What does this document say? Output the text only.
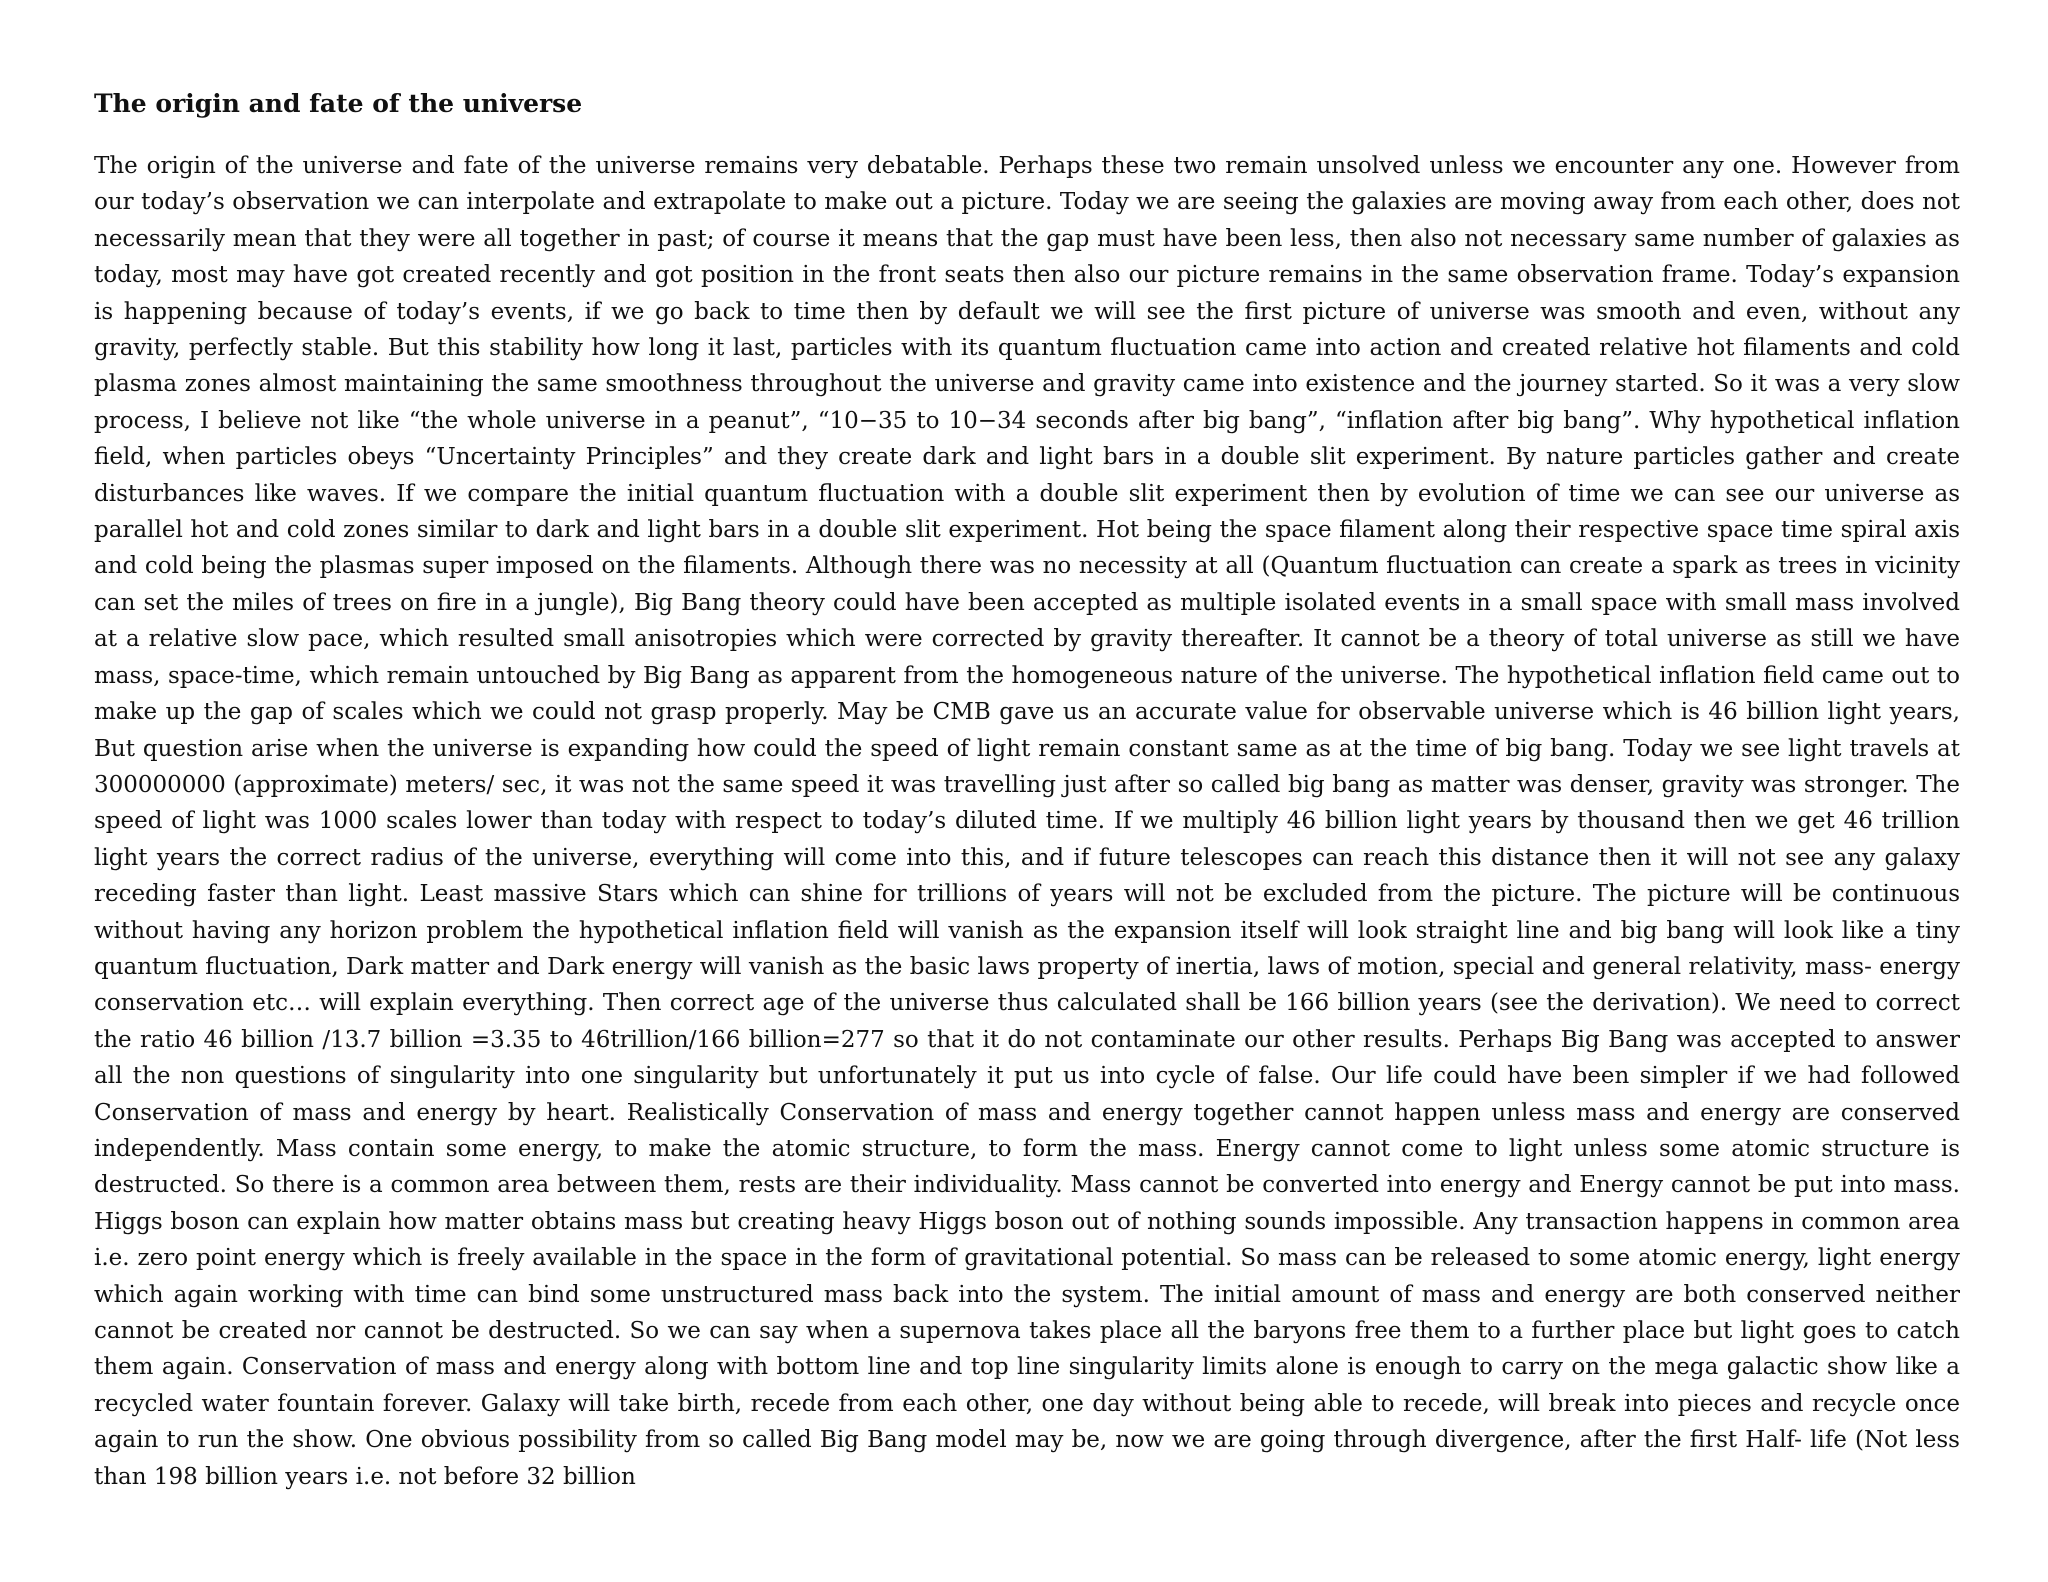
The origin and fate of the universe

The origin of the universe and fate of the universe remains very debatable. Perhaps these two remain unsolved unless we encounter any one. However from our today’s observation we can interpolate and extrapolate to make out a picture. Today we are seeing the galaxies are moving away from each other, does not necessarily mean that they were all together in past; of course it means that the gap must have been less, then also not necessary same number of galaxies as today, most may have got created recently and got position in the front seats then also our picture remains in the same observation frame. Today’s expansion is happening because of today’s events, if we go back to time then by default we will see the first picture of universe was smooth and even, without any gravity, perfectly stable. But this stability how long it last, particles with its quantum fluctuation came into action and created relative hot filaments and cold plasma zones almost maintaining the same smoothness throughout the universe and gravity came into existence and the journey started. So it was a very slow process, I believe not like “the whole universe in a peanut”, “10−35 to 10−34 seconds after big bang”, “inflation after big bang”. Why hypothetical inflation field, when particles obeys “Uncertainty Principles” and they create dark and light bars in a double slit experiment. By nature particles gather and create disturbances like waves. If we compare the initial quantum fluctuation with a double slit experiment then by evolution of time we can see our universe as parallel hot and cold zones similar to dark and light bars in a double slit experiment. Hot being the space filament along their respective space time spiral axis and cold being the plasmas super imposed on the filaments. Although there was no necessity at all (Quantum fluctuation can create a spark as trees in vicinity can set the miles of trees on fire in a jungle), Big Bang theory could have been accepted as multiple isolated events in a small space with small mass involved at a relative slow pace, which resulted small anisotropies which were corrected by gravity thereafter. It cannot be a theory of total universe as still we have mass, space-time, which remain untouched by Big Bang as apparent from the homogeneous nature of the universe. The hypothetical inflation field came out to make up the gap of scales which we could not grasp properly. May be CMB gave us an accurate value for observable universe which is 46 billion light years, But question arise when the universe is expanding how could the speed of light remain constant same as at the time of big bang. Today we see light travels at 300000000 (approximate) meters/ sec, it was not the same speed it was travelling just after so called big bang as matter was denser, gravity was stronger. The speed of light was 1000 scales lower than today with respect to today’s diluted time. If we multiply 46 billion light years by thousand then we get 46 trillion light years the correct radius of the universe, everything will come into this, and if future telescopes can reach this distance then it will not see any galaxy receding faster than light. Least massive Stars which can shine for trillions of years will not be excluded from the picture. The picture will be continuous without having any horizon problem the hypothetical inflation field will vanish as the expansion itself will look straight line and big bang will look like a tiny quantum fluctuation, Dark matter and Dark energy will vanish as the basic laws property of inertia, laws of motion, special and general relativity, mass- energy conservation etc… will explain everything. Then correct age of the universe thus calculated shall be 166 billion years (see the derivation). We need to correct the ratio 46 billion /13.7 billion =3.35 to 46trillion/166 billion=277 so that it do not contaminate our other results. Perhaps Big Bang was accepted to answer all the non questions of singularity into one singularity but unfortunately it put us into cycle of false. Our life could have been simpler if we had followed Conservation of mass and energy by heart. Realistically Conservation of mass and energy together cannot happen unless mass and energy are conserved independently. Mass contain some energy, to make the atomic structure, to form the mass. Energy cannot come to light unless some atomic structure is destructed. So there is a common area between them, rests are their individuality. Mass cannot be converted into energy and Energy cannot be put into mass. Higgs boson can explain how matter obtains mass but creating heavy Higgs boson out of nothing sounds impossible. Any transaction happens in common area i.e. zero point energy which is freely available in the space in the form of gravitational potential. So mass can be released to some atomic energy, light energy which again working with time can bind some unstructured mass back into the system. The initial amount of mass and energy are both conserved neither cannot be created nor cannot be destructed. So we can say when a supernova takes place all the baryons free them to a further place but light goes to catch them again. Conservation of mass and energy along with bottom line and top line singularity limits alone is enough to carry on the mega galactic show like a recycled water fountain forever. Galaxy will take birth, recede from each other, one day without being able to recede, will break into pieces and recycle once again to run the show. One obvious possibility from so called Big Bang model may be, now we are going through divergence, after the first Half- life (Not less than 198 billion years i.e. not before 32 billion
